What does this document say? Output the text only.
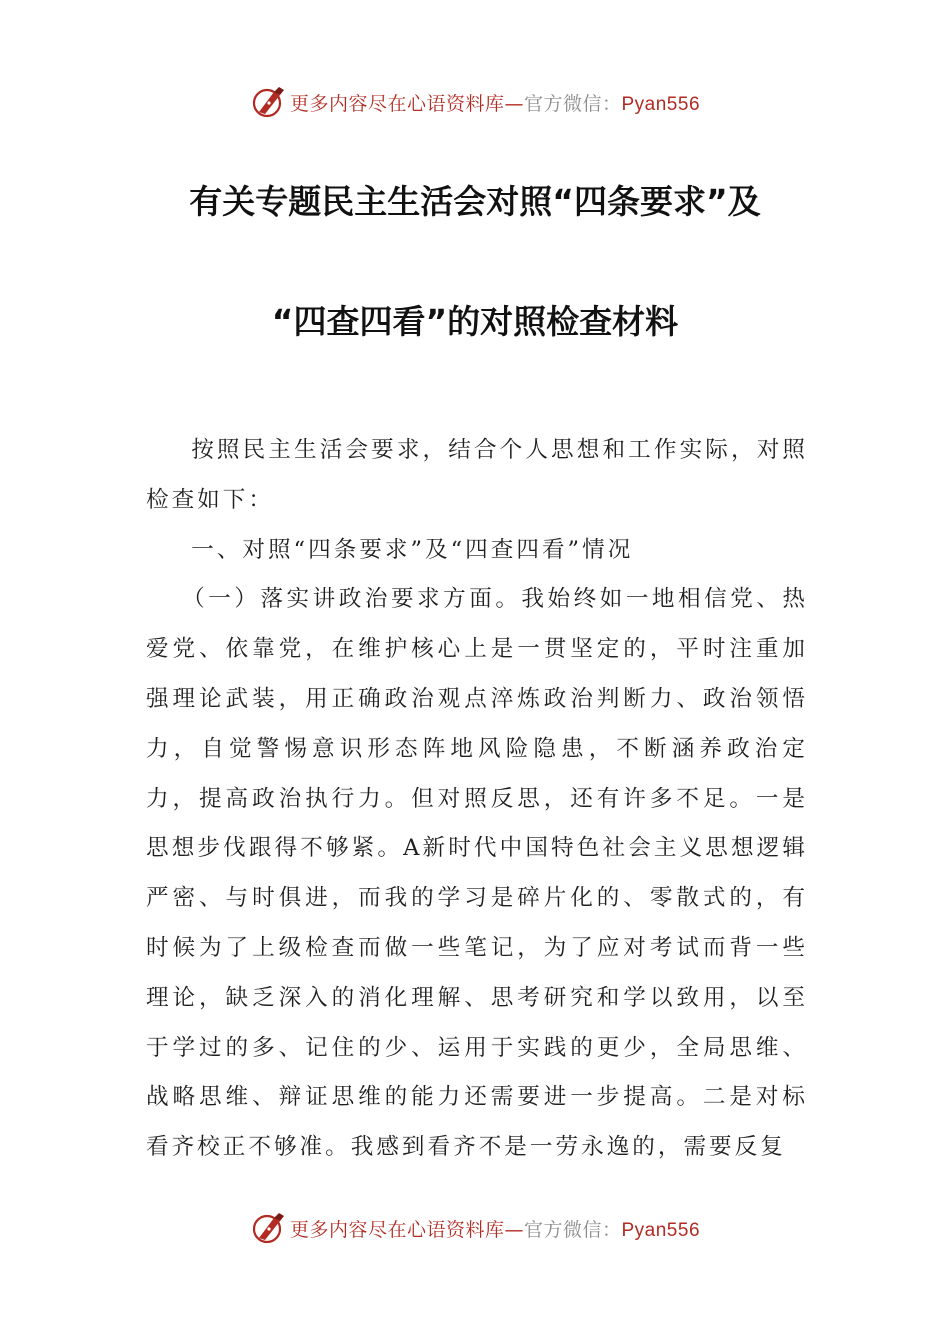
更多内容尽在心语资料库—官方微信：Pyan556
有关专题民主生活会对照“四条要求”及
“四查四看”的对照检查材料

按照民主生活会要求，结合个人思想和工作实际，对照检查如下：

一、对照“四条要求”及“四查四看”情况

（一）落实讲政治要求方面。我始终如一地相信党、热爱党、依靠党，在维护核心上是一贯坚定的，平时注重加强理论武装，用正确政治观点淬炼政治判断力、政治领悟力，自觉警惕意识形态阵地风险隐患，不断涵养政治定力，提高政治执行力。但对照反思，还有许多不足。一是思想步伐跟得不够紧。A新时代中国特色社会主义思想逻辑严密、与时俱进，而我的学习是碎片化的、零散式的，有时候为了上级检查而做一些笔记，为了应对考试而背一些理论，缺乏深入的消化理解、思考研究和学以致用，以至于学过的多、记住的少、运用于实践的更少，全局思维、战略思维、辩证思维的能力还需要进一步提高。二是对标看齐校正不够准。我感到看齐不是一劳永逸的，需要反复

更多内容尽在心语资料库—官方微信：Pyan556
